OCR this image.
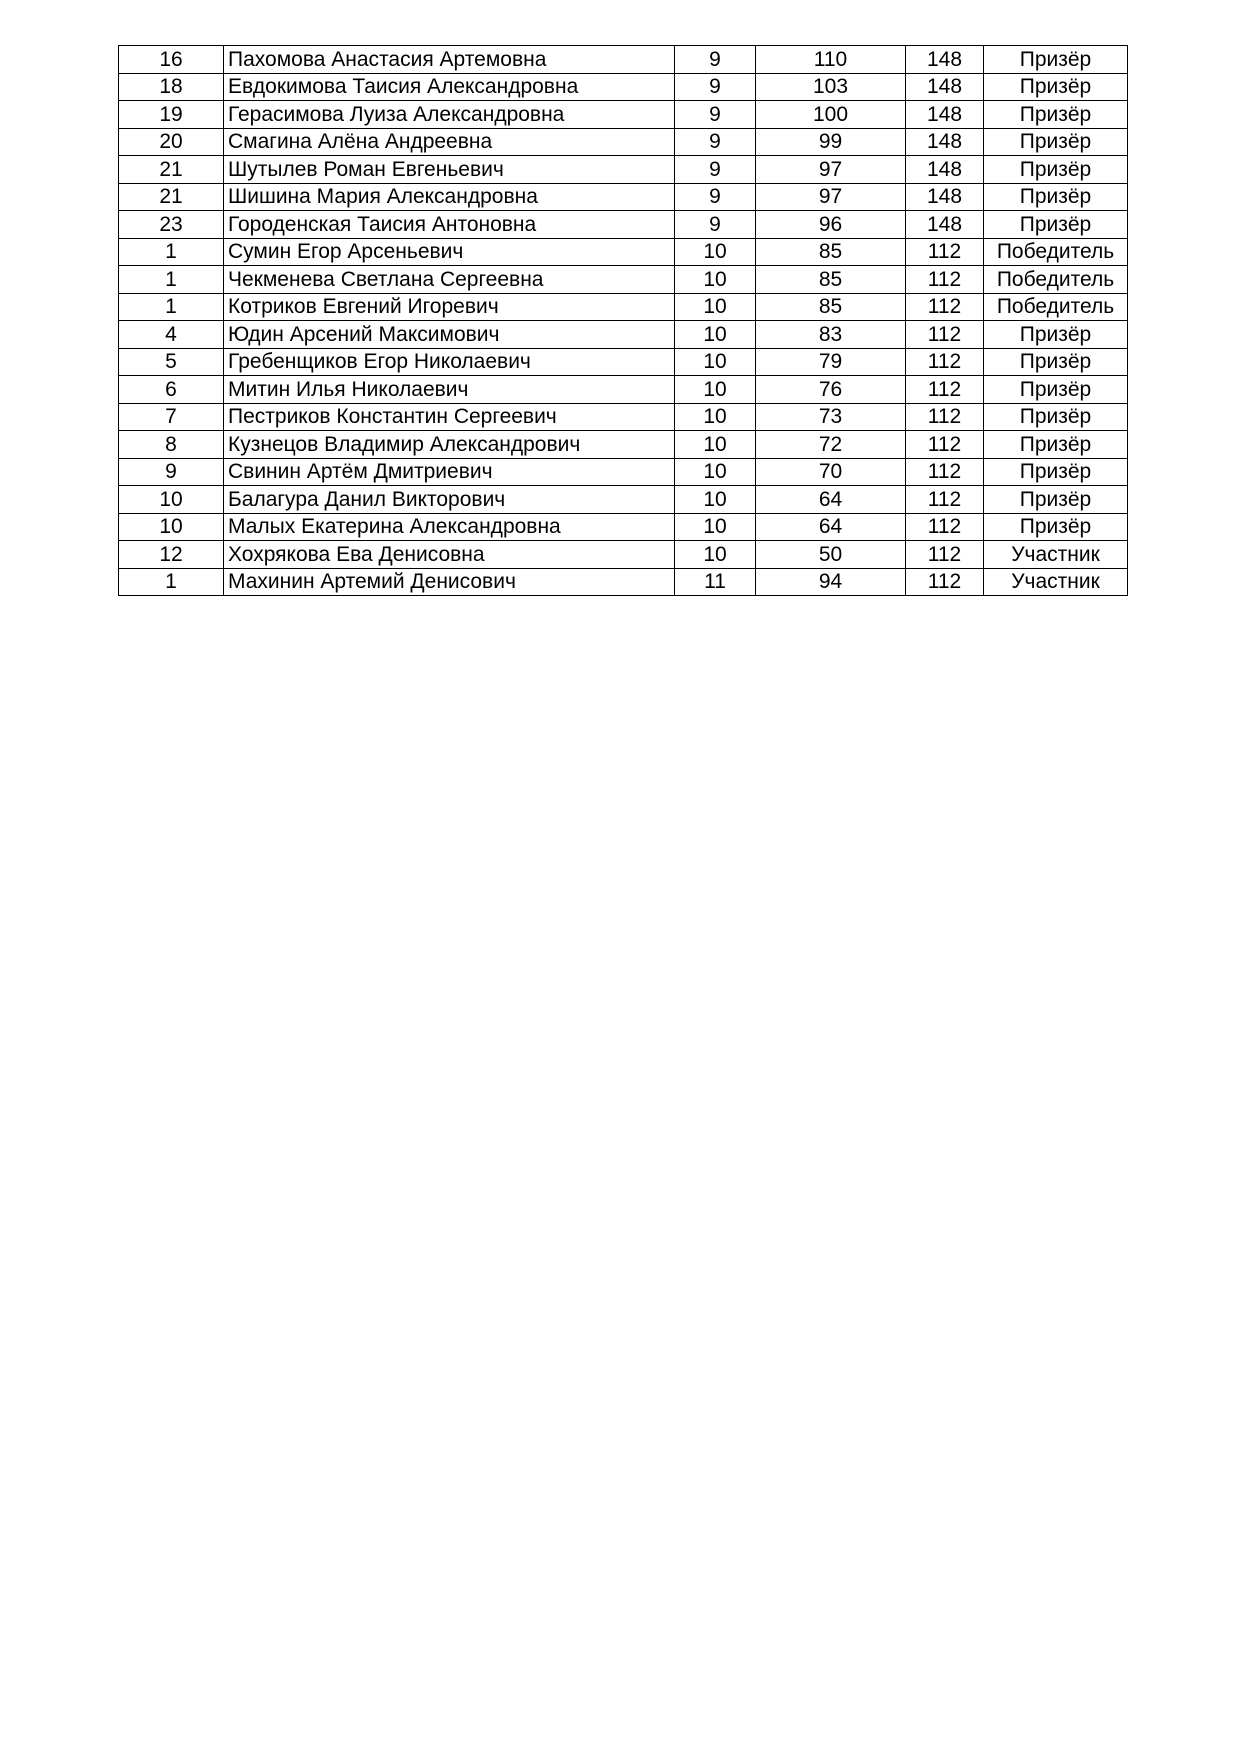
16	Пахомова Анастасия Артемовна	9	110	148	Призёр
18	Евдокимова Таисия Александровна	9	103	148	Призёр
19	Герасимова Луиза Александровна	9	100	148	Призёр
20	Смагина Алёна Андреевна	9	99	148	Призёр
21	Шутылев Роман Евгеньевич	9	97	148	Призёр
21	Шишина Мария Александровна	9	97	148	Призёр
23	Городенская Таисия Антоновна	9	96	148	Призёр
1	Сумин Егор Арсеньевич	10	85	112	Победитель
1	Чекменева Светлана Сергеевна	10	85	112	Победитель
1	Котриков Евгений Игоревич	10	85	112	Победитель
4	Юдин Арсений Максимович	10	83	112	Призёр
5	Гребенщиков Егор Николаевич	10	79	112	Призёр
6	Митин Илья Николаевич	10	76	112	Призёр
7	Пестриков Константин Сергеевич	10	73	112	Призёр
8	Кузнецов Владимир Александрович	10	72	112	Призёр
9	Свинин Артём Дмитриевич	10	70	112	Призёр
10	Балагура Данил Викторович	10	64	112	Призёр
10	Малых Екатерина Александровна	10	64	112	Призёр
12	Хохрякова Ева Денисовна	10	50	112	Участник
1	Махинин Артемий Денисович	11	94	112	Участник
